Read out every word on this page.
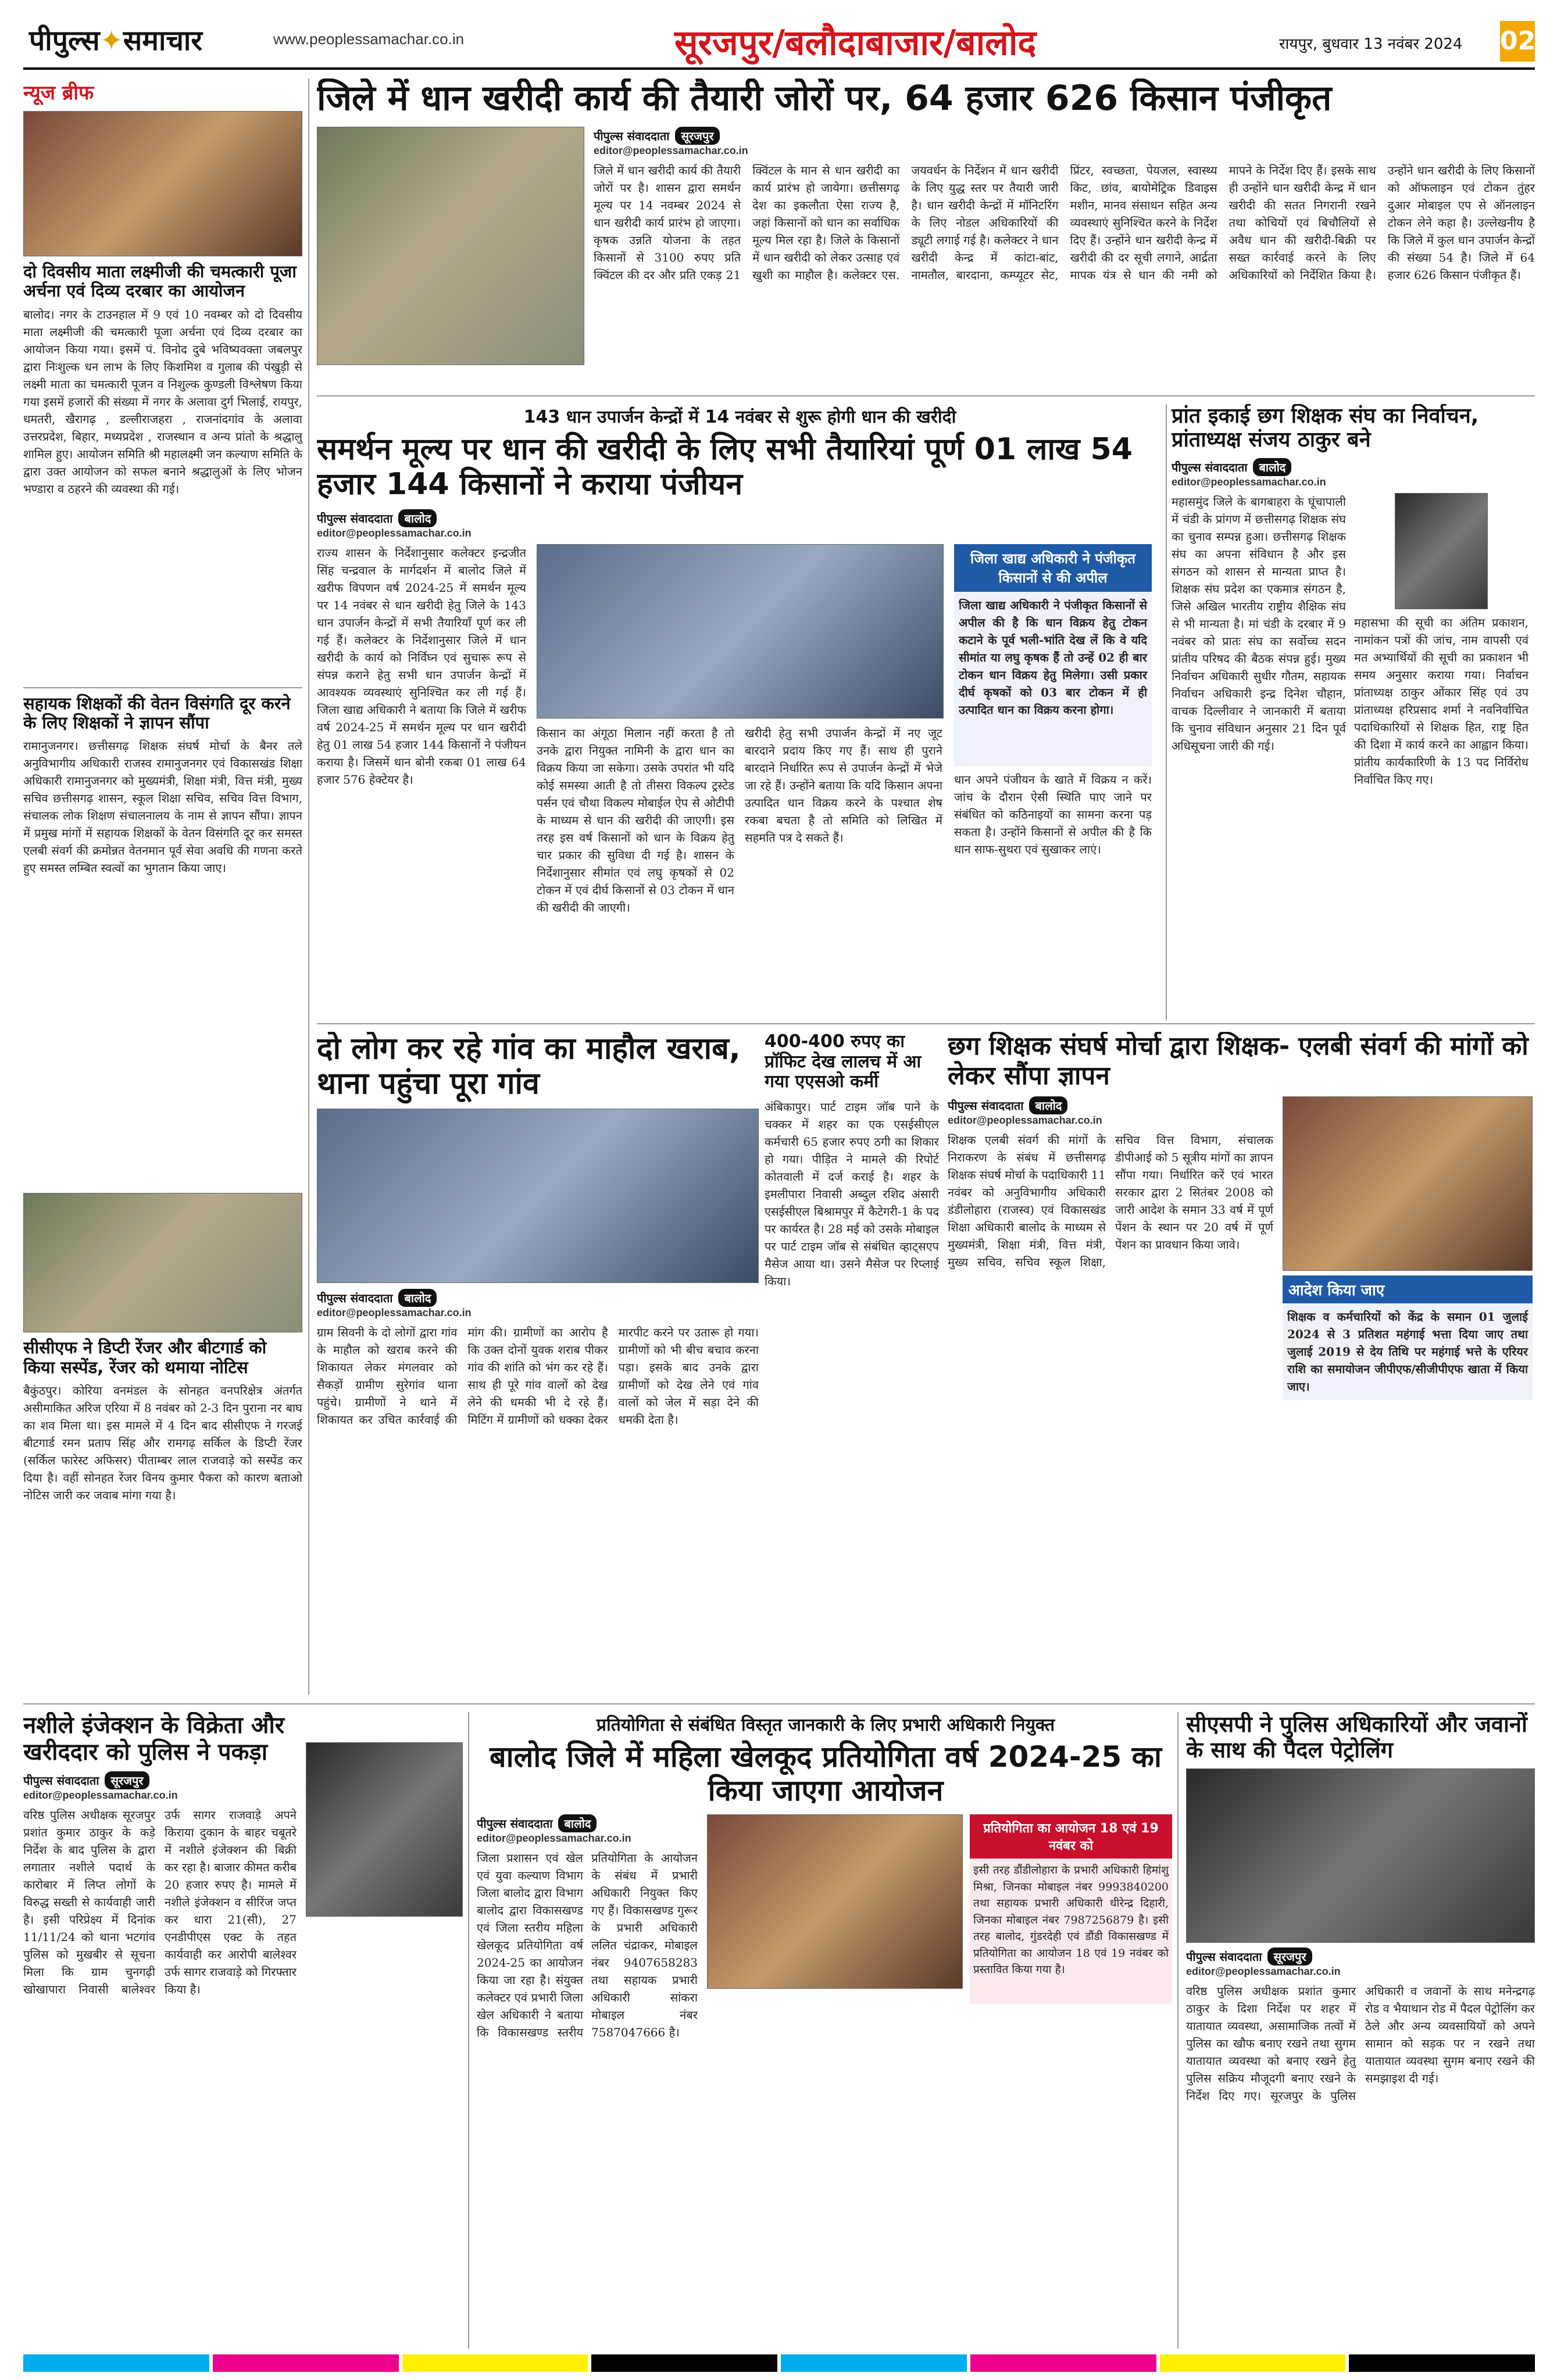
पीपुल्स✦समाचार	www.peoplessamachar.co.in	सूरजपुर/बलौदाबाजार/बालोद	रायपुर, बुधवार 13 नवंबर 2024 02
न्यूज ब्रीफ
दो दिवसीय माता लक्ष्मीजी की चमत्कारी पूजा अर्चना एवं दिव्य दरबार का आयोजन
बालोद। नगर के टाउनहाल में 9 एवं 10 नवम्बर को दो दिवसीय माता लक्ष्मीजी की चमत्कारी पूजा अर्चना एवं दिव्य दरबार का आयोजन किया गया। इसमें पं. विनोद दुबे भविष्यवक्ता जबलपुर द्वारा निःशुल्क धन लाभ के लिए किशमिश व गुलाब की पंखुड़ी से लक्ष्मी माता का चमत्कारी पूजन व निशुल्क कुण्डली विश्लेषण किया गया इसमें हजारों की संख्या में नगर के अलावा दुर्ग भिलाई, रायपुर, धमतरी, खैरागढ़ , डल्लीराजहरा , राजनांदगांव के अलावा उत्तरप्रदेश, बिहार, मध्यप्रदेश , राजस्थान व अन्य प्रांतो के श्रद्धालु शामिल हुए। आयोजन समिति श्री महालक्ष्मी जन कल्याण समिति के द्वारा उक्त आयोजन को सफल बनाने श्रद्धालुओं के लिए भोजन भण्डारा व ठहरने की व्यवस्था की गई।
सहायक शिक्षकों की वेतन विसंगति दूर करने के लिए शिक्षकों ने ज्ञापन सौंपा
रामानुजनगर। छत्तीसगढ़ शिक्षक संघर्ष मोर्चा के बैनर तले अनुविभागीय अधिकारी राजस्व रामानुजनगर एवं विकासखंड शिक्षा अधिकारी रामानुजनगर को मुख्यमंत्री, शिक्षा मंत्री, वित्त मंत्री, मुख्य सचिव छत्तीसगढ़ शासन, स्कूल शिक्षा सचिव, सचिव वित्त विभाग, संचालक लोक शिक्षण संचालनालय के नाम से ज्ञापन सौंपा। ज्ञापन में प्रमुख मांगों में सहायक शिक्षकों के वेतन विसंगति दूर कर समस्त एलबी संवर्ग की क्रमोन्नत वेतनमान पूर्व सेवा अवधि की गणना करते हुए समस्त लम्बित स्वत्वों का भुगतान किया जाए।
सीसीएफ ने डिप्टी रेंजर और बीटगार्ड को किया सस्पेंड, रेंजर को थमाया नोटिस
बैकुंठपुर। कोरिया वनमंडल के सोनहत वनपरिक्षेत्र अंतर्गत असीमाकित अरिज एरिया में 8 नवंबर को 2-3 दिन पुराना नर बाघ का शव मिला था। इस मामले में 4 दिन बाद सीसीएफ ने गरजई बीटगार्ड रमन प्रताप सिंह और रामगढ़ सर्किल के डिप्टी रेंजर (सर्किल फारेस्ट अफिसर) पीताम्बर लाल राजवाड़े को सस्पेंड कर दिया है। वहीं सोनहत रेंजर विनय कुमार पैकरा को कारण बताओ नोटिस जारी कर जवाब मांगा गया है।
जिले में धान खरीदी कार्य की तैयारी जोरों पर, 64 हजार 626 किसान पंजीकृत
पीपुल्स संवाददाता	सूरजपुर
editor@peoplessamachar.co.in
जिले में धान खरीदी कार्य की तैयारी जोरों पर है। शासन द्वारा समर्थन मूल्य पर 14 नवम्बर 2024 से धान खरीदी कार्य प्रारंभ हो जाएगा। कृषक उन्नति योजना के तहत किसानों से 3100 रुपए प्रति क्विंटल की दर और प्रति एकड़ 21 क्विंटल के मान से धान खरीदी का कार्य प्रारंभ हो जायेगा। छत्तीसगढ़ देश का इकलौता ऐसा राज्य है, जहां किसानों को धान का सर्वाधिक मूल्य मिल रहा है। जिले के किसानों में धान खरीदी को लेकर उत्साह एवं खुशी का माहौल है। कलेक्टर एस. जयवर्धन के निर्देशन में धान खरीदी के लिए युद्ध स्तर पर तैयारी जारी है। धान खरीदी केन्द्रों में मॉनिटरिंग के लिए नोडल अधिकारियों की ड्यूटी लगाई गई है। कलेक्टर ने धान खरीदी केन्द्र में कांटा-बांट, नामतौल, बारदाना, कम्प्यूटर सेट, प्रिंटर, स्वच्छता, पेयजल, स्वास्थ्य किट, छांव, बायोमेट्रिक डिवाइस मशीन, मानव संसाधन सहित अन्य व्यवस्थाएं सुनिश्चित करने के निर्देश दिए हैं। उन्होंने धान खरीदी केन्द्र में खरीदी की दर सूची लगाने, आर्द्रता मापक यंत्र से धान की नमी को मापने के निर्देश दिए हैं। इसके साथ ही उन्होंने धान खरीदी केन्द्र में धान खरीदी की सतत निगरानी रखने तथा कोचियों एवं बिचौलियों से अवैध धान की खरीदी-बिक्री पर सख्त कार्रवाई करने के लिए अधिकारियों को निर्देशित किया है। उन्होंने धान खरीदी के लिए किसानों को ऑफलाइन एवं टोकन तुंहर दुआर मोबाइल एप से ऑनलाइन टोकन लेने कहा है। उल्लेखनीय है कि जिले में कुल धान उपार्जन केन्द्रों की संख्या 54 है। जिले में 64 हजार 626 किसान पंजीकृत हैं।
143 धान उपार्जन केन्द्रों में 14 नवंबर से शुरू होगी धान की खरीदी
समर्थन मूल्य पर धान की खरीदी के लिए सभी तैयारियां पूर्ण 01 लाख 54 हजार 144 किसानों ने कराया पंजीयन
पीपुल्स संवाददाता	बालोद
editor@peoplessamachar.co.in
राज्य शासन के निर्देशानुसार कलेक्टर इन्द्रजीत सिंह चन्द्रवाल के मार्गदर्शन में बालोद जिले में खरीफ विपणन वर्ष 2024-25 में समर्थन मूल्य पर 14 नवंबर से धान खरीदी हेतु जिले के 143 धान उपार्जन केन्द्रों में सभी तैयारियाँ पूर्ण कर ली गई हैं। कलेक्टर के निर्देशानुसार जिले में धान खरीदी के कार्य को निर्विघ्न एवं सुचारू रूप से संपन्न कराने हेतु सभी धान उपार्जन केन्द्रों में आवश्यक व्यवस्थाएं सुनिश्चित कर ली गई हैं। जिला खाद्य अधिकारी ने बताया कि जिले में खरीफ वर्ष 2024-25 में समर्थन मूल्य पर धान खरीदी हेतु 01 लाख 54 हजार 144 किसानों ने पंजीयन कराया है। जिसमें धान बोनी रकबा 01 लाख 64 हजार 576 हेक्टेयर है।
किसान का अंगूठा मिलान नहीं करता है तो उनके द्वारा नियुक्त नामिनी के द्वारा धान का विक्रय किया जा सकेगा। उसके उपरांत भी यदि कोई समस्या आती है तो तीसरा विकल्प ट्रस्टेड पर्सन एवं चौथा विकल्प मोबाईल ऐप से ओटीपी के माध्यम से धान की खरीदी की जाएगी। इस तरह इस वर्ष किसानों को धान के विक्रय हेतु चार प्रकार की सुविधा दी गई है। शासन के निर्देशानुसार सीमांत एवं लघु कृषकों से 02 टोकन में एवं दीर्घ किसानों से 03 टोकन में धान की खरीदी की जाएगी।
खरीदी हेतु सभी उपार्जन केन्द्रों में नए जूट बारदाने प्रदाय किए गए हैं। साथ ही पुराने बारदाने निर्धारित रूप से उपार्जन केन्द्रों में भेजे जा रहे हैं। उन्होंने बताया कि यदि किसान अपना उत्पादित धान विक्रय करने के पश्चात शेष रकबा बचता है तो समिति को लिखित में सहमति पत्र दे सकते हैं।
जिला खाद्य अधिकारी ने पंजीकृत किसानों से की अपील
जिला खाद्य अधिकारी ने पंजीकृत किसानों से अपील की है कि धान विक्रय हेतु टोकन कटाने के पूर्व भली-भांति देख लें कि वे यदि सीमांत या लघु कृषक हैं तो उन्हें 02 ही बार टोकन धान विक्रय हेतु मिलेगा। उसी प्रकार दीर्घ कृषकों को 03 बार टोकन में ही उत्पादित धान का विक्रय करना होगा।
धान अपने पंजीयन के खाते में विक्रय न करें। जांच के दौरान ऐसी स्थिति पाए जाने पर संबंधित को कठिनाइयों का सामना करना पड़ सकता है। उन्होंने किसानों से अपील की है कि धान साफ-सुथरा एवं सुखाकर लाएं।
प्रांत इकाई छग शिक्षक संघ का निर्वाचन, प्रांताध्यक्ष संजय ठाकुर बने
पीपुल्स संवाददाता	बालोद
editor@peoplessamachar.co.in
महासमुंद जिले के बागबाहरा के घूंचापाली में चंडी के प्रांगण में छत्तीसगढ़ शिक्षक संघ का चुनाव सम्पन्न हुआ। छत्तीसगढ़ शिक्षक संघ का अपना संविधान है और इस संगठन को शासन से मान्यता प्राप्त है। शिक्षक संघ प्रदेश का एकमात्र संगठन है, जिसे अखिल भारतीय राष्ट्रीय शैक्षिक संघ से भी मान्यता है। मां चंडी के दरबार में 9 नवंबर को प्रातः संघ का सर्वोच्च सदन प्रांतीय परिषद की बैठक संपन्न हुई। मुख्य निर्वाचन अधिकारी सुधीर गौतम, सहायक निर्वाचन अधिकारी इन्द्र दिनेश चौहान, वाचक दिल्लीवार ने जानकारी में बताया कि चुनाव संविधान अनुसार 21 दिन पूर्व अधिसूचना जारी की गई।
महासभा की सूची का अंतिम प्रकाशन, नामांकन पत्रों की जांच, नाम वापसी एवं मत अभ्यार्थियों की सूची का प्रकाशन भी समय अनुसार कराया गया। निर्वाचन प्रांताध्यक्ष ठाकुर ओंकार सिंह एवं उप प्रांताध्यक्ष हरिप्रसाद शर्मा ने नवनिर्वाचित पदाधिकारियों से शिक्षक हित, राष्ट्र हित की दिशा में कार्य करने का आह्वान किया। प्रांतीय कार्यकारिणी के 13 पद निर्विरोध निर्वाचित किए गए।
दो लोग कर रहे गांव का माहौल खराब, थाना पहुंचा पूरा गांव
पीपुल्स संवाददाता	बालोद
editor@peoplessamachar.co.in
ग्राम सिवनी के दो लोगों द्वारा गांव के माहौल को खराब करने की शिकायत लेकर मंगलवार को सैकड़ों ग्रामीण सुरेगांव थाना पहुंचे। ग्रामीणों ने थाने में शिकायत कर उचित कार्रवाई की मांग की। ग्रामीणों का आरोप है कि उक्त दोनों युवक शराब पीकर गांव की शांति को भंग कर रहे हैं। साथ ही पूरे गांव वालों को देख लेने की धमकी भी दे रहे हैं। मिटिंग में ग्रामीणों को धक्का देकर मारपीट करने पर उतारू हो गया। ग्रामीणों को भी बीच बचाव करना पड़ा। इसके बाद उनके द्वारा ग्रामीणों को देख लेने एवं गांव वालों को जेल में सड़ा देने की धमकी देता है।
400-400 रुपए का प्रॉफिट देख लालच में आ गया एएसओ कर्मी
अंबिकापुर। पार्ट टाइम जॉब पाने के चक्कर में शहर का एक एसईसीएल कर्मचारी 65 हजार रुपए ठगी का शिकार हो गया। पीड़ित ने मामले की रिपोर्ट कोतवाली में दर्ज कराई है। शहर के इमलीपारा निवासी अब्दुल रशिद अंसारी एसईसीएल बिश्रामपुर में कैटेगरी-1 के पद पर कार्यरत है। 28 मई को उसके मोबाइल पर पार्ट टाइम जॉब से संबंधित व्हाट्सएप मैसेज आया था। उसने मैसेज पर रिप्लाई किया।
छग शिक्षक संघर्ष मोर्चा द्वारा शिक्षक- एलबी संवर्ग की मांगों को लेकर सौंपा ज्ञापन
पीपुल्स संवाददाता	बालोद
editor@peoplessamachar.co.in
शिक्षक एलबी संवर्ग की मांगों के निराकरण के संबंध में छत्तीसगढ़ शिक्षक संघर्ष मोर्चा के पदाधिकारी 11 नवंबर को अनुविभागीय अधिकारी डंडीलोहारा (राजस्व) एवं विकासखंड शिक्षा अधिकारी बालोद के माध्यम से मुख्यमंत्री, शिक्षा मंत्री, वित्त मंत्री, मुख्य सचिव, सचिव स्कूल शिक्षा, सचिव वित्त विभाग, संचालक डीपीआई को 5 सूत्रीय मांगों का ज्ञापन सौंपा गया। निर्धारित करें एवं भारत सरकार द्वारा 2 सितंबर 2008 को जारी आदेश के समान 33 वर्ष में पूर्ण पेंशन के स्थान पर 20 वर्ष में पूर्ण पेंशन का प्रावधान किया जावे।
आदेश किया जाए
शिक्षक व कर्मचारियों को केंद्र के समान 01 जुलाई 2024 से 3 प्रतिशत महंगाई भत्ता दिया जाए तथा जुलाई 2019 से देय तिथि पर महंगाई भत्ते के एरियर राशि का समायोजन जीपीएफ/सीजीपीएफ खाता में किया जाए।
नशीले इंजेक्शन के विक्रेता और खरीददार को पुलिस ने पकड़ा
पीपुल्स संवाददाता	सूरजपुर
editor@peoplessamachar.co.in
वरिष्ठ पुलिस अधीक्षक सूरजपुर प्रशांत कुमार ठाकुर के कड़े निर्देश के बाद पुलिस के द्वारा लगातार नशीले पदार्थ के कारोबार में लिप्त लोगों के विरुद्ध सख्ती से कार्यवाही जारी है। इसी परिप्रेक्ष्य में दिनांक 11/11/24 को थाना भटगांव पुलिस को मुखबीर से सूचना मिला कि ग्राम चुनगढ़ी खोखापारा निवासी बालेश्वर उर्फ सागर राजवाड़े अपने किराया दुकान के बाहर चबूतरे में नशीले इंजेक्शन की बिक्री कर रहा है। बाजार कीमत करीब 20 हजार रुपए है। मामले में नशीले इंजेक्शन व सीरिंज जप्त कर धारा 21(सी), 27 एनडीपीएस एक्ट के तहत कार्यवाही कर आरोपी बालेश्वर उर्फ सागर राजवाड़े को गिरफ्तार किया है।
प्रतियोगिता से संबंधित विस्तृत जानकारी के लिए प्रभारी अधिकारी नियुक्त
बालोद जिले में महिला खेलकूद प्रतियोगिता वर्ष 2024-25 का किया जाएगा आयोजन
पीपुल्स संवाददाता	बालोद
editor@peoplessamachar.co.in
जिला प्रशासन एवं खेल एवं युवा कल्याण विभाग जिला बालोद द्वारा विभाग बालोद द्वारा विकासखण्ड एवं जिला स्तरीय महिला खेलकूद प्रतियोगिता वर्ष 2024-25 का आयोजन किया जा रहा है। संयुक्त कलेक्टर एवं प्रभारी जिला खेल अधिकारी ने बताया कि विकासखण्ड स्तरीय प्रतियोगिता के आयोजन के संबंध में प्रभारी अधिकारी नियुक्त किए गए हैं। विकासखण्ड गुरूर के प्रभारी अधिकारी ललित चंद्राकर, मोबाइल नंबर 9407658283 तथा सहायक प्रभारी अधिकारी सांकरा मोबाइल नंबर 7587047666 है।
प्रतियोगिता का आयोजन 18 एवं 19 नवंबर को
इसी तरह डौंडीलोहारा के प्रभारी अधिकारी हिमांशु मिश्रा, जिनका मोबाइल नंबर 9993840200 तथा सहायक प्रभारी अधिकारी धीरेन्द्र दिहारी, जिनका मोबाइल नंबर 7987256879 है। इसी तरह बालोद, गुंडरदेही एवं डौंडी विकासखण्ड में प्रतियोगिता का आयोजन 18 एवं 19 नवंबर को प्रस्तावित किया गया है।
सीएसपी ने पुलिस अधिकारियों और जवानों के साथ की पैदल पेट्रोलिंग
पीपुल्स संवाददाता	सूरजपुर
editor@peoplessamachar.co.in
वरिष्ठ पुलिस अधीक्षक प्रशांत कुमार ठाकुर के दिशा निर्देश पर शहर में यातायात व्यवस्था, असामाजिक तत्वों में पुलिस का खौफ बनाए रखने तथा सुगम यातायात व्यवस्था को बनाए रखने हेतु पुलिस सक्रिय मौजूदगी बनाए रखने के निर्देश दिए गए। सूरजपुर के पुलिस अधिकारी व जवानों के साथ मनेन्द्रगढ़ रोड व भैयाथान रोड में पैदल पेट्रोलिंग कर ठेले और अन्य व्यवसायियों को अपने सामान को सड़क पर न रखने तथा यातायात व्यवस्था सुगम बनाए रखने की समझाइश दी गई।
